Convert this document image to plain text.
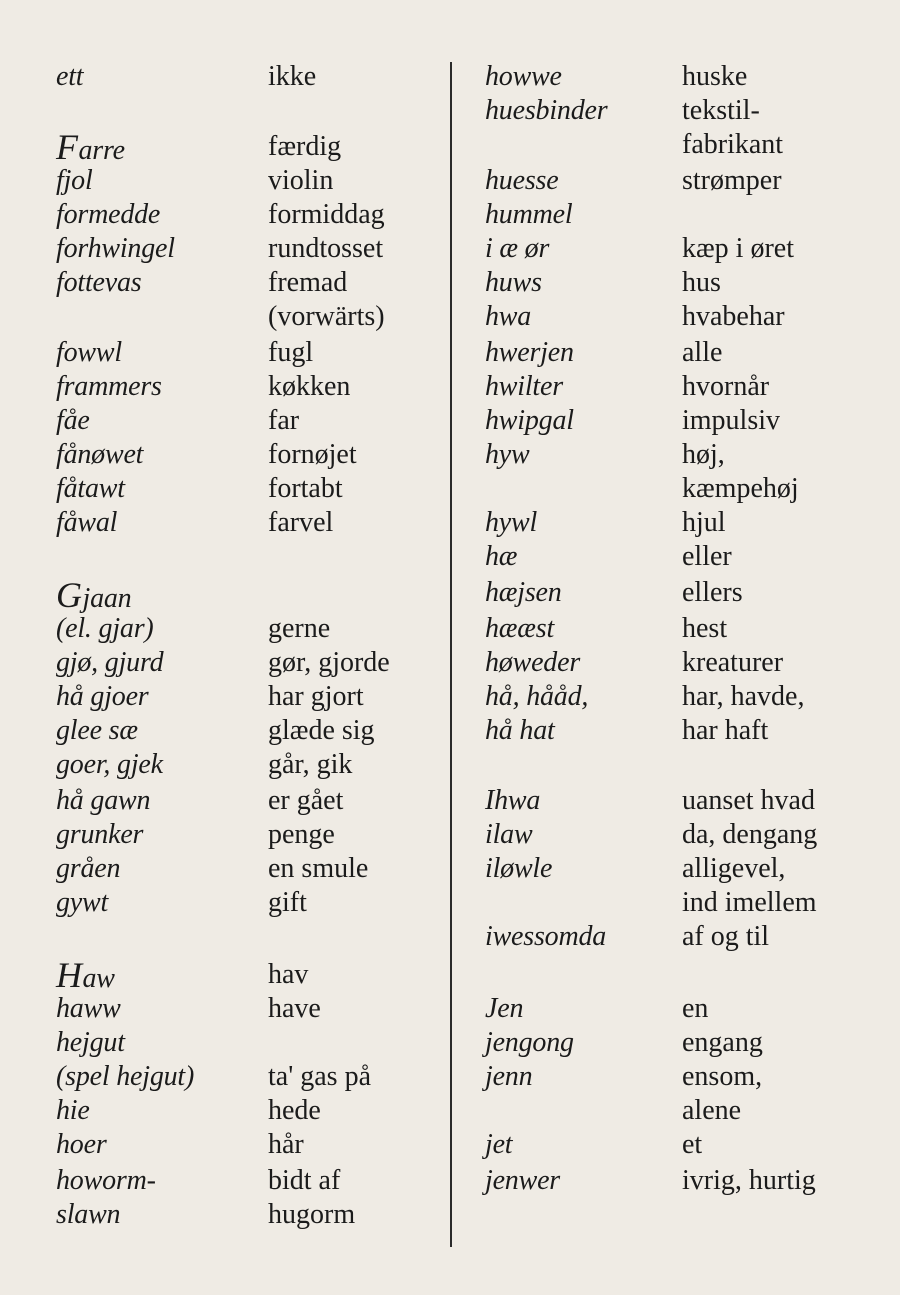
ett	ikke
Farre	færdig
fjol	violin
formedde	formiddag
forhwingel	rundtosset
fottevas	fremad
(vorwärts)
fowwl	fugl
frammers	køkken
fåe	far
fånøwet	fornøjet
fåtawt	fortabt
fåwal	farvel
Gjaan
(el. gjar)	gerne
gjø, gjurd	gør, gjorde
hå gjoer	har gjort
glee sæ	glæde sig
goer, gjek	går, gik
hå gawn	er gået
grunker	penge
gråen	en smule
gywt	gift
Haw	hav
haww	have
hejgut
(spel hejgut)	ta' gas på
hie	hede
hoer	hår
howorm-	bidt af
slawn	hugorm
howwe	huske
huesbinder	tekstil-
fabrikant
huesse	strømper
hummel
i æ ør	kæp i øret
huws	hus
hwa	hvabehar
hwerjen	alle
hwilter	hvornår
hwipgal	impulsiv
hyw	høj,
kæmpehøj
hywl	hjul
hæ	eller
hæjsen	ellers
hææst	hest
høweder	kreaturer
hå, hååd,	har, havde,
hå hat	har haft
Ihwa	uanset hvad
ilaw	da, dengang
iløwle	alligevel,
ind imellem
iwessomda	af og til
Jen	en
jengong	engang
jenn	ensom,
alene
jet	et
jenwer	ivrig, hurtig
